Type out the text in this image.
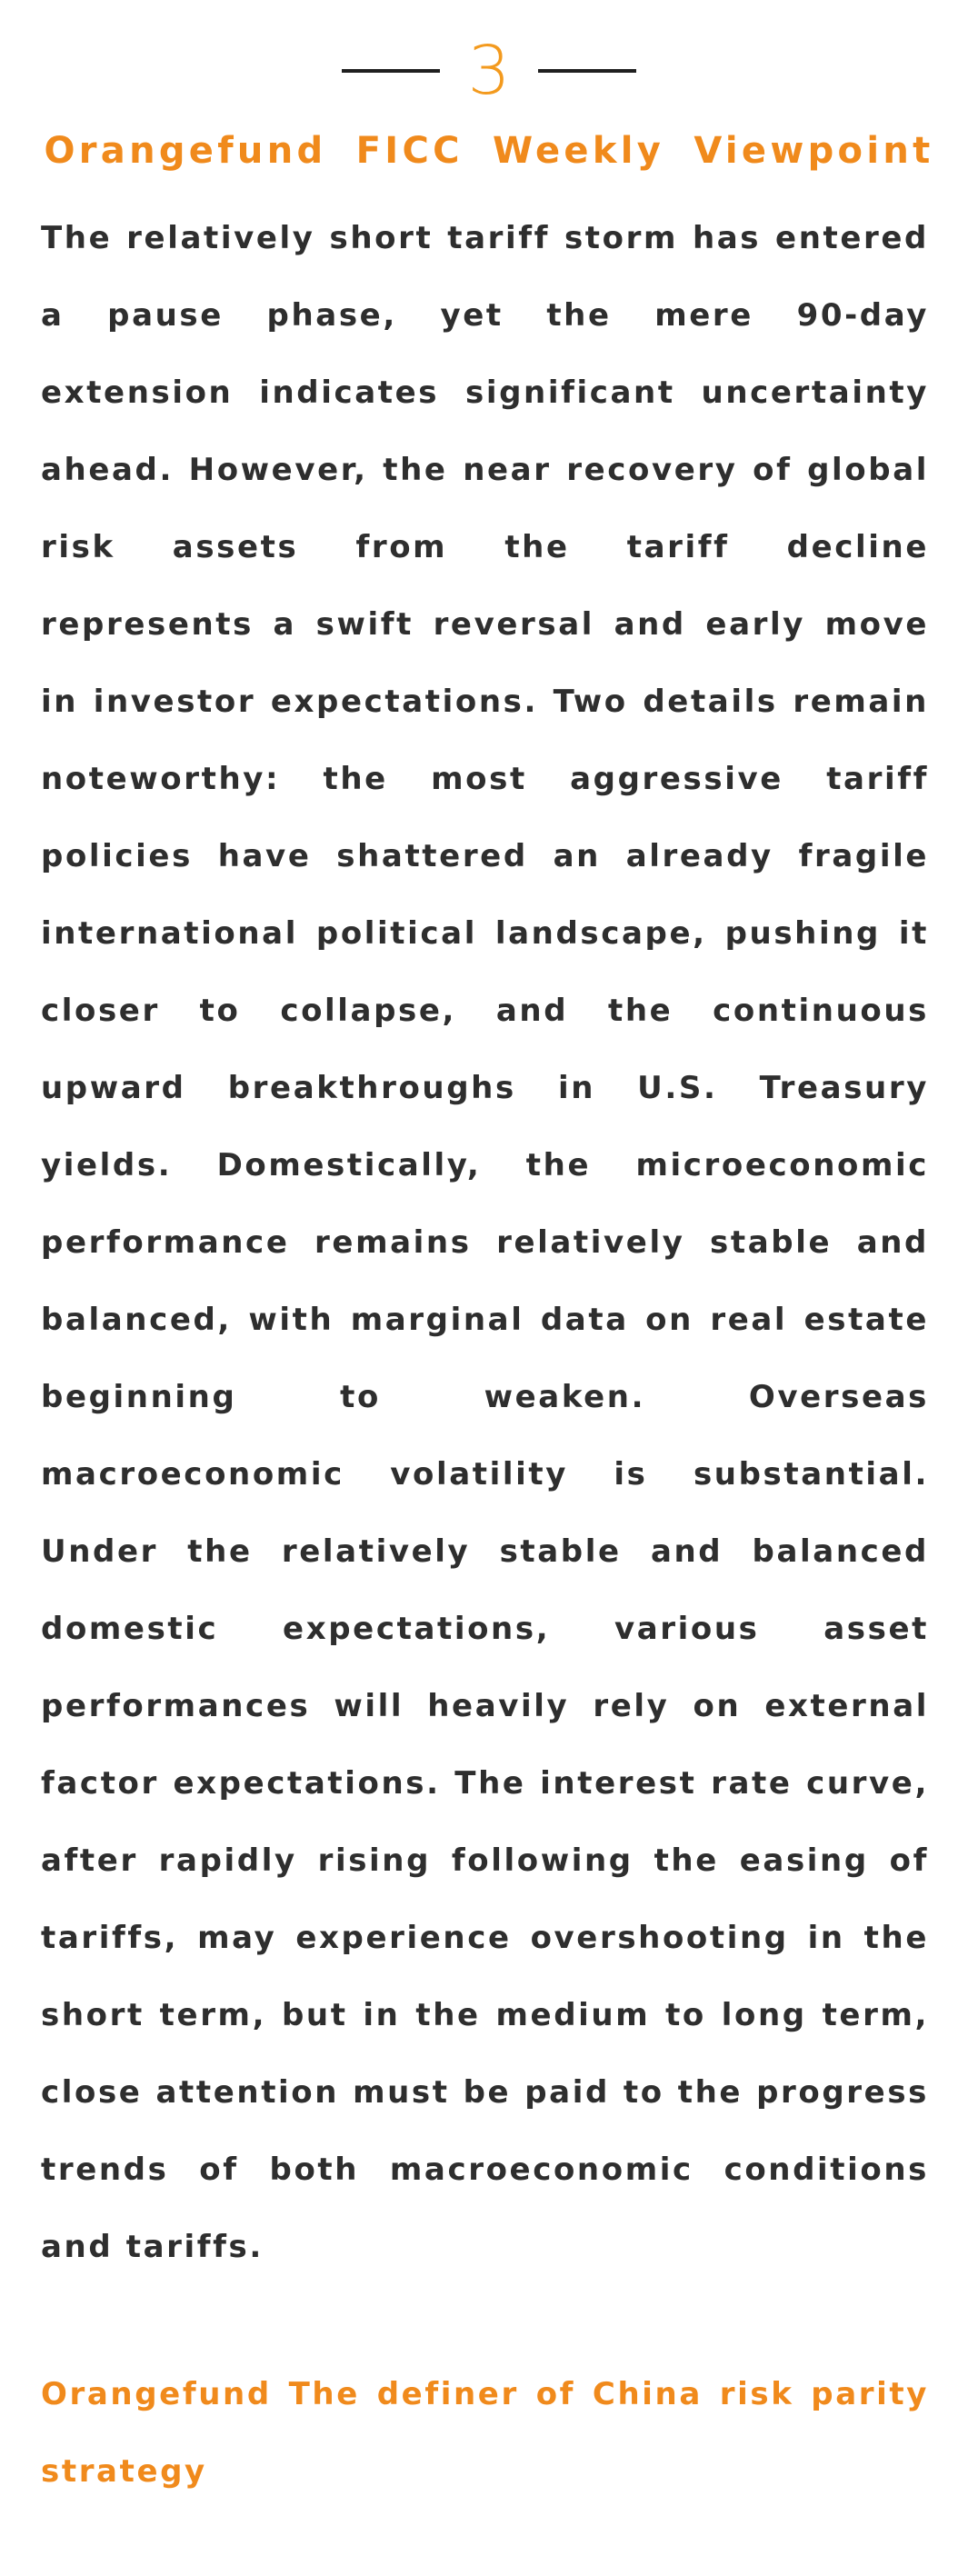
3
Orangefund FICC Weekly Viewpoint

The relatively short tariff storm has entered a pause phase, yet the mere 90-day extension indicates significant uncertainty ahead. However, the near recovery of global risk assets from the tariff decline represents a swift reversal and early move in investor expectations. Two details remain noteworthy: the most aggressive tariff policies have shattered an already fragile international political landscape, pushing it closer to collapse, and the continuous upward breakthroughs in U.S. Treasury yields. Domestically, the microeconomic performance remains relatively stable and balanced, with marginal data on real estate beginning to weaken. Overseas macroeconomic volatility is substantial. Under the relatively stable and balanced domestic expectations, various asset performances will heavily rely on external factor expectations. The interest rate curve, after rapidly rising following the easing of tariffs, may experience overshooting in the short term, but in the medium to long term, close attention must be paid to the progress trends of both macroeconomic conditions and tariffs.

Orangefund The definer of China risk parity strategy
